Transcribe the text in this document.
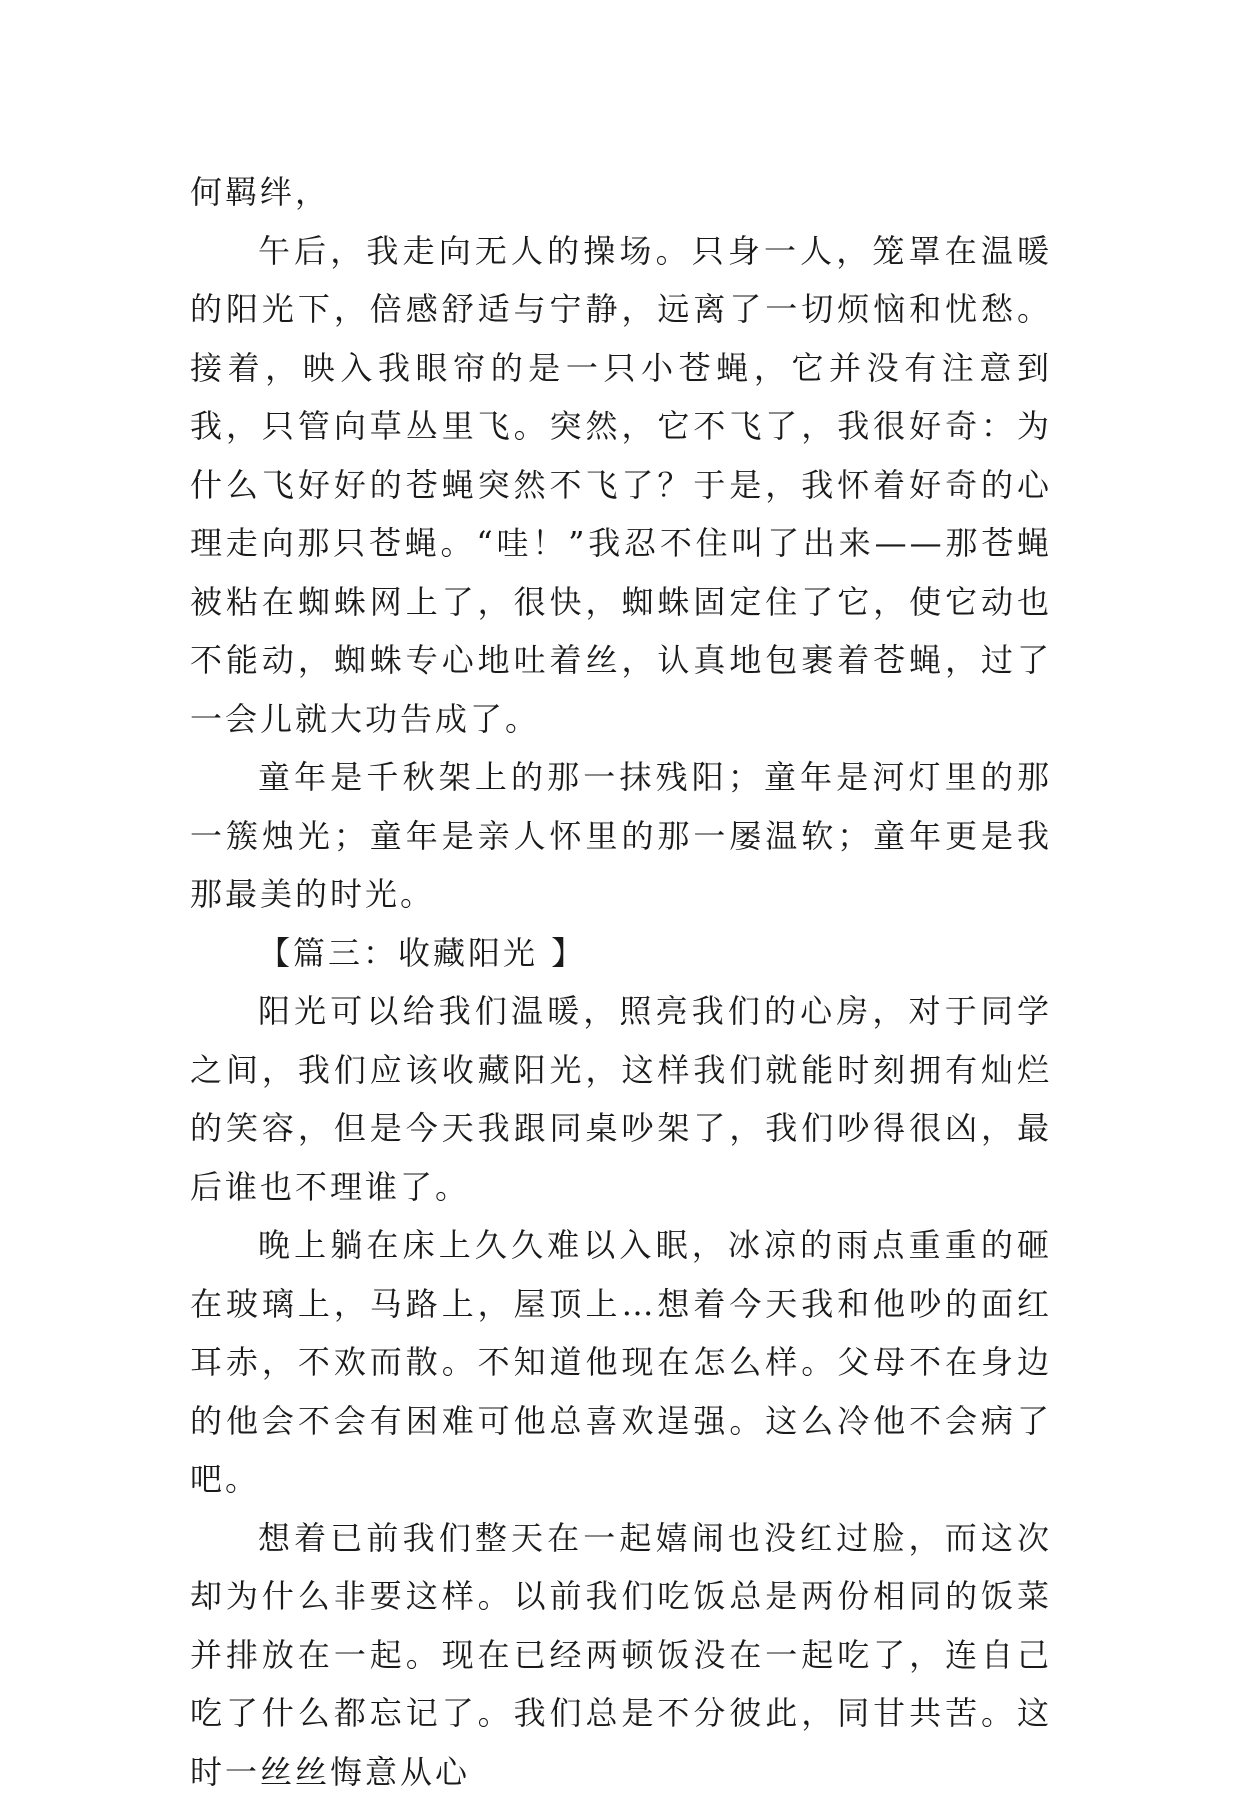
何羁绊，

午后，我走向无人的操场。只身一人，笼罩在温暖的阳光下，倍感舒适与宁静，远离了一切烦恼和忧愁。接着，映入我眼帘的是一只小苍蝇，它并没有注意到我，只管向草丛里飞。突然，它不飞了，我很好奇：为什么飞好好的苍蝇突然不飞了？于是，我怀着好奇的心理走向那只苍蝇。“哇！”我忍不住叫了出来——那苍蝇被粘在蜘蛛网上了，很快，蜘蛛固定住了它，使它动也不能动，蜘蛛专心地吐着丝，认真地包裹着苍蝇，过了一会儿就大功告成了。

童年是千秋架上的那一抹残阳；童年是河灯里的那一簇烛光；童年是亲人怀里的那一屡温软；童年更是我那最美的时光。

【篇三：收藏阳光 】

阳光可以给我们温暖，照亮我们的心房，对于同学之间，我们应该收藏阳光，这样我们就能时刻拥有灿烂的笑容，但是今天我跟同桌吵架了，我们吵得很凶，最后谁也不理谁了。

晚上躺在床上久久难以入眠，冰凉的雨点重重的砸在玻璃上，马路上，屋顶上…想着今天我和他吵的面红耳赤，不欢而散。不知道他现在怎么样。父母不在身边的他会不会有困难可他总喜欢逞强。这么冷他不会病了吧。

想着已前我们整天在一起嬉闹也没红过脸，而这次却为什么非要这样。以前我们吃饭总是两份相同的饭菜并排放在一起。现在已经两顿饭没在一起吃了，连自己吃了什么都忘记了。我们总是不分彼此，同甘共苦。这时一丝丝悔意从心
